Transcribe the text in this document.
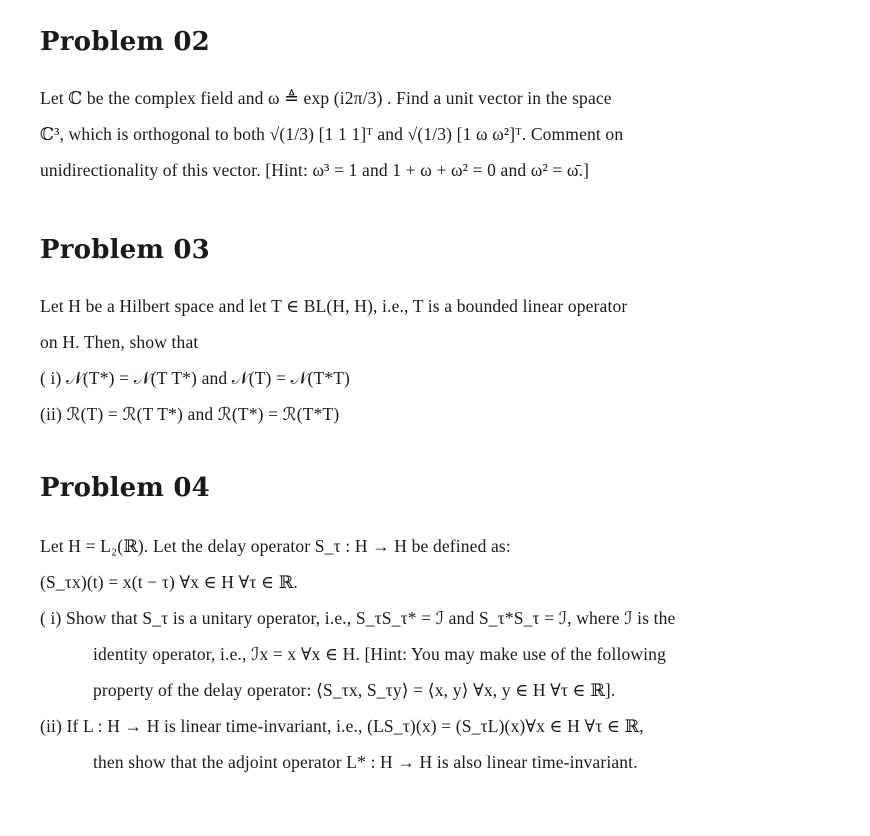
Problem 02

Let ℂ be the complex field and ω ≜ exp (i2π/3) . Find a unit vector in the space
ℂ³, which is orthogonal to both √(1/3) [1 1 1]ᵀ and √(1/3) [1 ω ω²]ᵀ. Comment on
unidirectionality of this vector. [Hint: ω³ = 1 and 1 + ω + ω² = 0 and ω² = ω̄.]

Problem 03

Let H be a Hilbert space and let T ∈ BL(H, H), i.e., T is a bounded linear operator
on H. Then, show that
( i) 𝒩(T*) = 𝒩(T T*) and 𝒩(T) = 𝒩(T*T)
(ii) ℛ(T) = ℛ(T T*) and ℛ(T*) = ℛ(T*T)

Problem 04

Let H = L₂(ℝ). Let the delay operator S_τ : H → H be defined as:
(S_τx)(t) = x(t − τ) ∀x ∈ H ∀τ ∈ ℝ.
( i) Show that S_τ is a unitary operator, i.e., S_τS_τ* = ℐ and S_τ*S_τ = ℐ, where ℐ is the
identity operator, i.e., ℐx = x ∀x ∈ H. [Hint: You may make use of the following
property of the delay operator: ⟨S_τx, S_τy⟩ = ⟨x, y⟩ ∀x, y ∈ H ∀τ ∈ ℝ].
(ii) If L : H → H is linear time-invariant, i.e., (LS_τ)(x) = (S_τL)(x)∀x ∈ H ∀τ ∈ ℝ,
then show that the adjoint operator L* : H → H is also linear time-invariant.
